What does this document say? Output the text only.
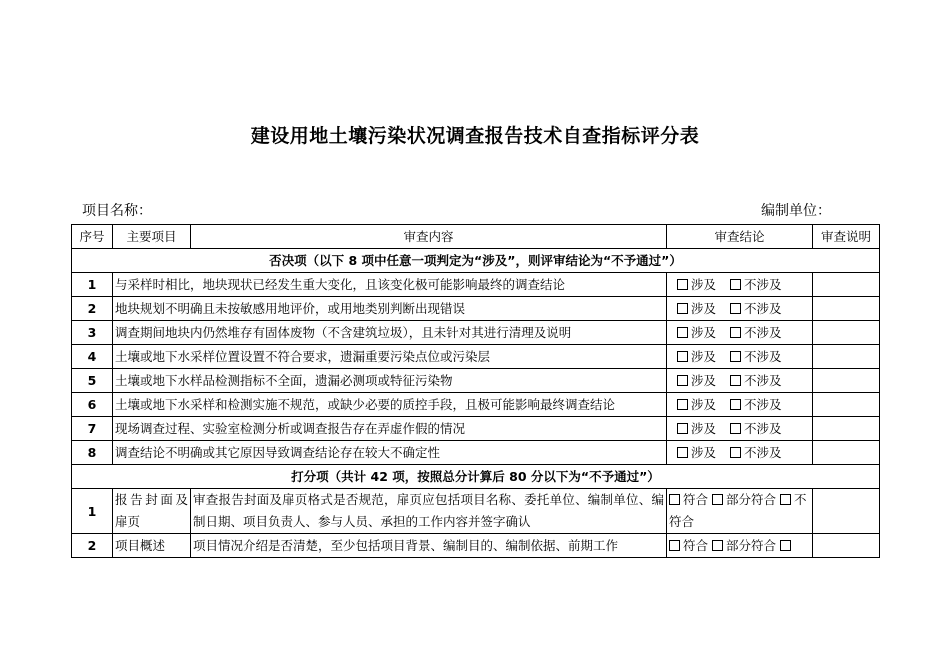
建设用地土壤污染状况调查报告技术自查指标评分表
项目名称：	编制单位：
序号	主要项目	审查内容	审查结论	审查说明
否决项（以下 8 项中任意一项判定为“涉及”，则评审结论为“不予通过”）				
1	与采样时相比，地块现状已经发生重大变化，且该变化极可能影响最终的调查结论		涉及 不涉及	
2	地块规划不明确且未按敏感用地评价，或用地类别判断出现错误		涉及 不涉及	
3	调查期间地块内仍然堆存有固体废物（不含建筑垃圾），且未针对其进行清理及说明		涉及 不涉及	
4	土壤或地下水采样位置设置不符合要求，遗漏重要污染点位或污染层		涉及 不涉及	
5	土壤或地下水样品检测指标不全面，遗漏必测项或特征污染物		涉及 不涉及	
6	土壤或地下水采样和检测实施不规范，或缺少必要的质控手段，且极可能影响最终调查结论		涉及 不涉及	
7	现场调查过程、实验室检测分析或调查报告存在弄虚作假的情况		涉及 不涉及	
8	调查结论不明确或其它原因导致调查结论存在较大不确定性		涉及 不涉及	
打分项（共计 42 项，按照总分计算后 80 分以下为“不予通过”）				
1	报告封面及扉页	审查报告封面及扉页格式是否规范，扉页应包括项目名称、委托单位、编制单位、编制日期、项目负责人、参与人员、承担的工作内容并签字确认	符合 部分符合 不符合	
2	项目概述	项目情况介绍是否清楚，至少包括项目背景、编制目的、编制依据、前期工作	符合 部分符合	
